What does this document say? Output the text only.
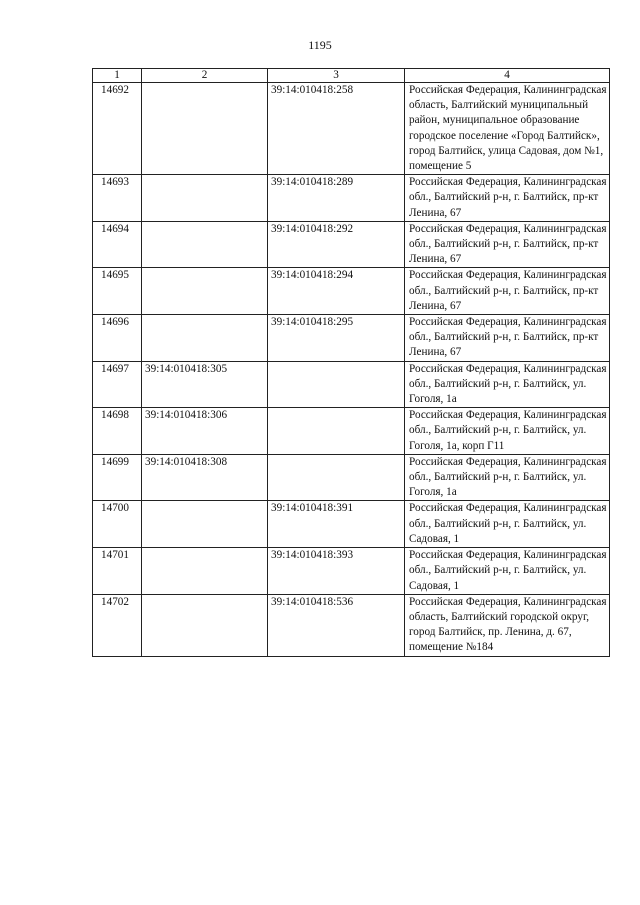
1195
1	2	3	4
14692		39:14:010418:258	Российская Федерация, Калининградская область, Балтийский муниципальный район, муниципальное образование городское поселение «Город Балтийск», город Балтийск, улица Садовая, дом №1, помещение 5
14693		39:14:010418:289	Российская Федерация, Калининградская обл., Балтийский р-н, г. Балтийск, пр-кт Ленина, 67
14694		39:14:010418:292	Российская Федерация, Калининградская обл., Балтийский р-н, г. Балтийск, пр-кт Ленина, 67
14695		39:14:010418:294	Российская Федерация, Калининградская обл., Балтийский р-н, г. Балтийск, пр-кт Ленина, 67
14696		39:14:010418:295	Российская Федерация, Калининградская обл., Балтийский р-н, г. Балтийск, пр-кт Ленина, 67
14697	39:14:010418:305		Российская Федерация, Калининградская обл., Балтийский р-н, г. Балтийск, ул. Гоголя, 1а
14698	39:14:010418:306		Российская Федерация, Калининградская обл., Балтийский р-н, г. Балтийск, ул. Гоголя, 1а, корп Г11
14699	39:14:010418:308		Российская Федерация, Калининградская обл., Балтийский р-н, г. Балтийск, ул. Гоголя, 1а
14700		39:14:010418:391	Российская Федерация, Калининградская обл., Балтийский р-н, г. Балтийск, ул. Садовая, 1
14701		39:14:010418:393	Российская Федерация, Калининградская обл., Балтийский р-н, г. Балтийск, ул. Садовая, 1
14702		39:14:010418:536	Российская Федерация, Калининградская область, Балтийский городской округ, город Балтийск, пр. Ленина, д. 67, помещение №184
